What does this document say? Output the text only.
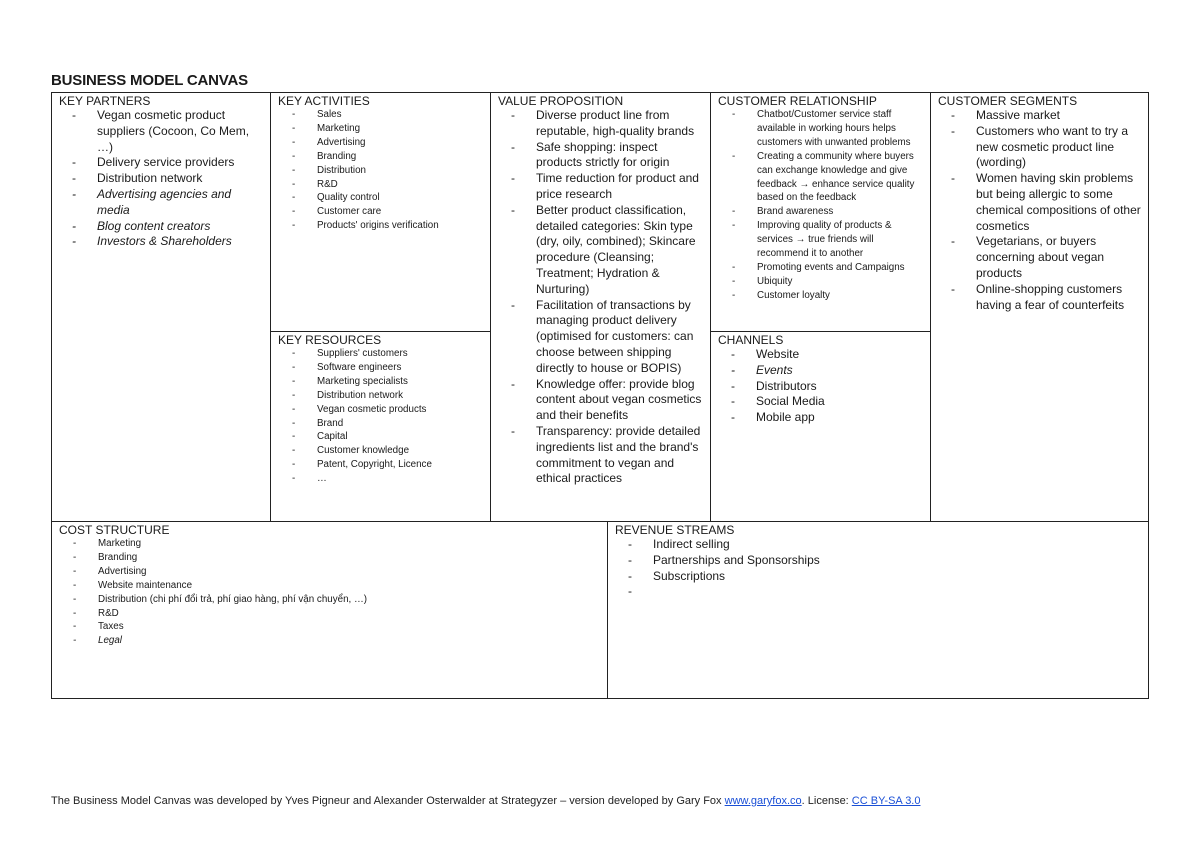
BUSINESS MODEL CANVAS
KEY PARTNERS
- Vegan cosmetic product suppliers (Cocoon, Co Mem, …)
- Delivery service providers
- Distribution network
- Advertising agencies and media
- Blog content creators
- Investors & Shareholders
KEY ACTIVITIES
- Sales
- Marketing
- Advertising
- Branding
- Distribution
- R&D
- Quality control
- Customer care
- Products' origins verification
KEY RESOURCES
- Suppliers' customers
- Software engineers
- Marketing specialists
- Distribution network
- Vegan cosmetic products
- Brand
- Capital
- Customer knowledge
- Patent, Copyright, Licence
- …
VALUE PROPOSITION
- Diverse product line from reputable, high-quality brands
- Safe shopping: inspect products strictly for origin
- Time reduction for product and price research
- Better product classification, detailed categories: Skin type (dry, oily, combined); Skincare procedure (Cleansing; Treatment; Hydration & Nurturing)
- Facilitation of transactions by managing product delivery (optimised for customers: can choose between shipping directly to house or BOPIS)
- Knowledge offer: provide blog content about vegan cosmetics and their benefits
- Transparency: provide detailed ingredients list and the brand's commitment to vegan and ethical practices
CUSTOMER RELATIONSHIP
- Chatbot/Customer service staff available in working hours helps customers with unwanted problems
- Creating a community where buyers can exchange knowledge and give feedback → enhance service quality based on the feedback
- Brand awareness
- Improving quality of products & services → true friends will recommend it to another
- Promoting events and Campaigns
- Ubiquity
- Customer loyalty
CHANNELS
- Website
- Events
- Distributors
- Social Media
- Mobile app
CUSTOMER SEGMENTS
- Massive market
- Customers who want to try a new cosmetic product line (wording)
- Women having skin problems but being allergic to some chemical compositions of other cosmetics
- Vegetarians, or buyers concerning about vegan products
- Online-shopping customers having a fear of counterfeits
COST STRUCTURE
- Marketing
- Branding
- Advertising
- Website maintenance
- Distribution (chi phí đổi trả, phí giao hàng, phí vận chuyển, …)
- R&D
- Taxes
- Legal
REVENUE STREAMS
- Indirect selling
- Partnerships and Sponsorships
- Subscriptions
-
The Business Model Canvas was developed by Yves Pigneur and Alexander Osterwalder at Strategyzer – version developed by Gary Fox www.garyfox.co. License: CC BY-SA 3.0
